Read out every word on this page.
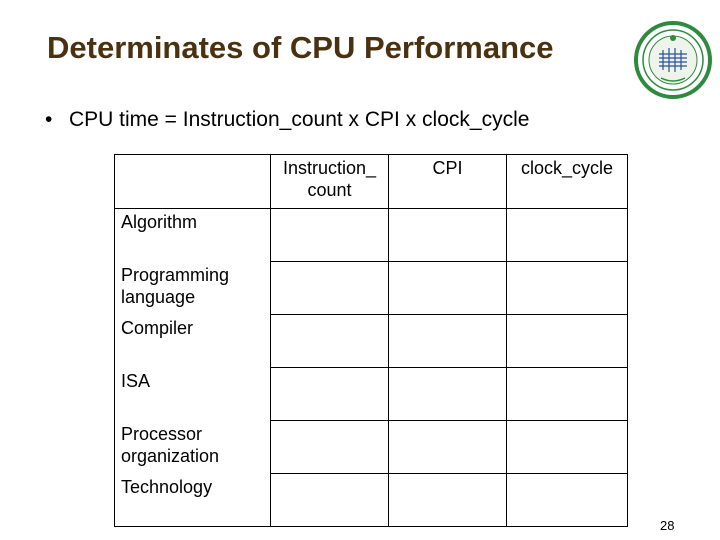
Determinates of CPU Performance
• CPU time = Instruction_count x CPI x clock_cycle

	Instruction_ count	CPI	clock_cycle

Algorithm			

Programming language			

Compiler			

ISA			

Processor organization			

Technology			

28
